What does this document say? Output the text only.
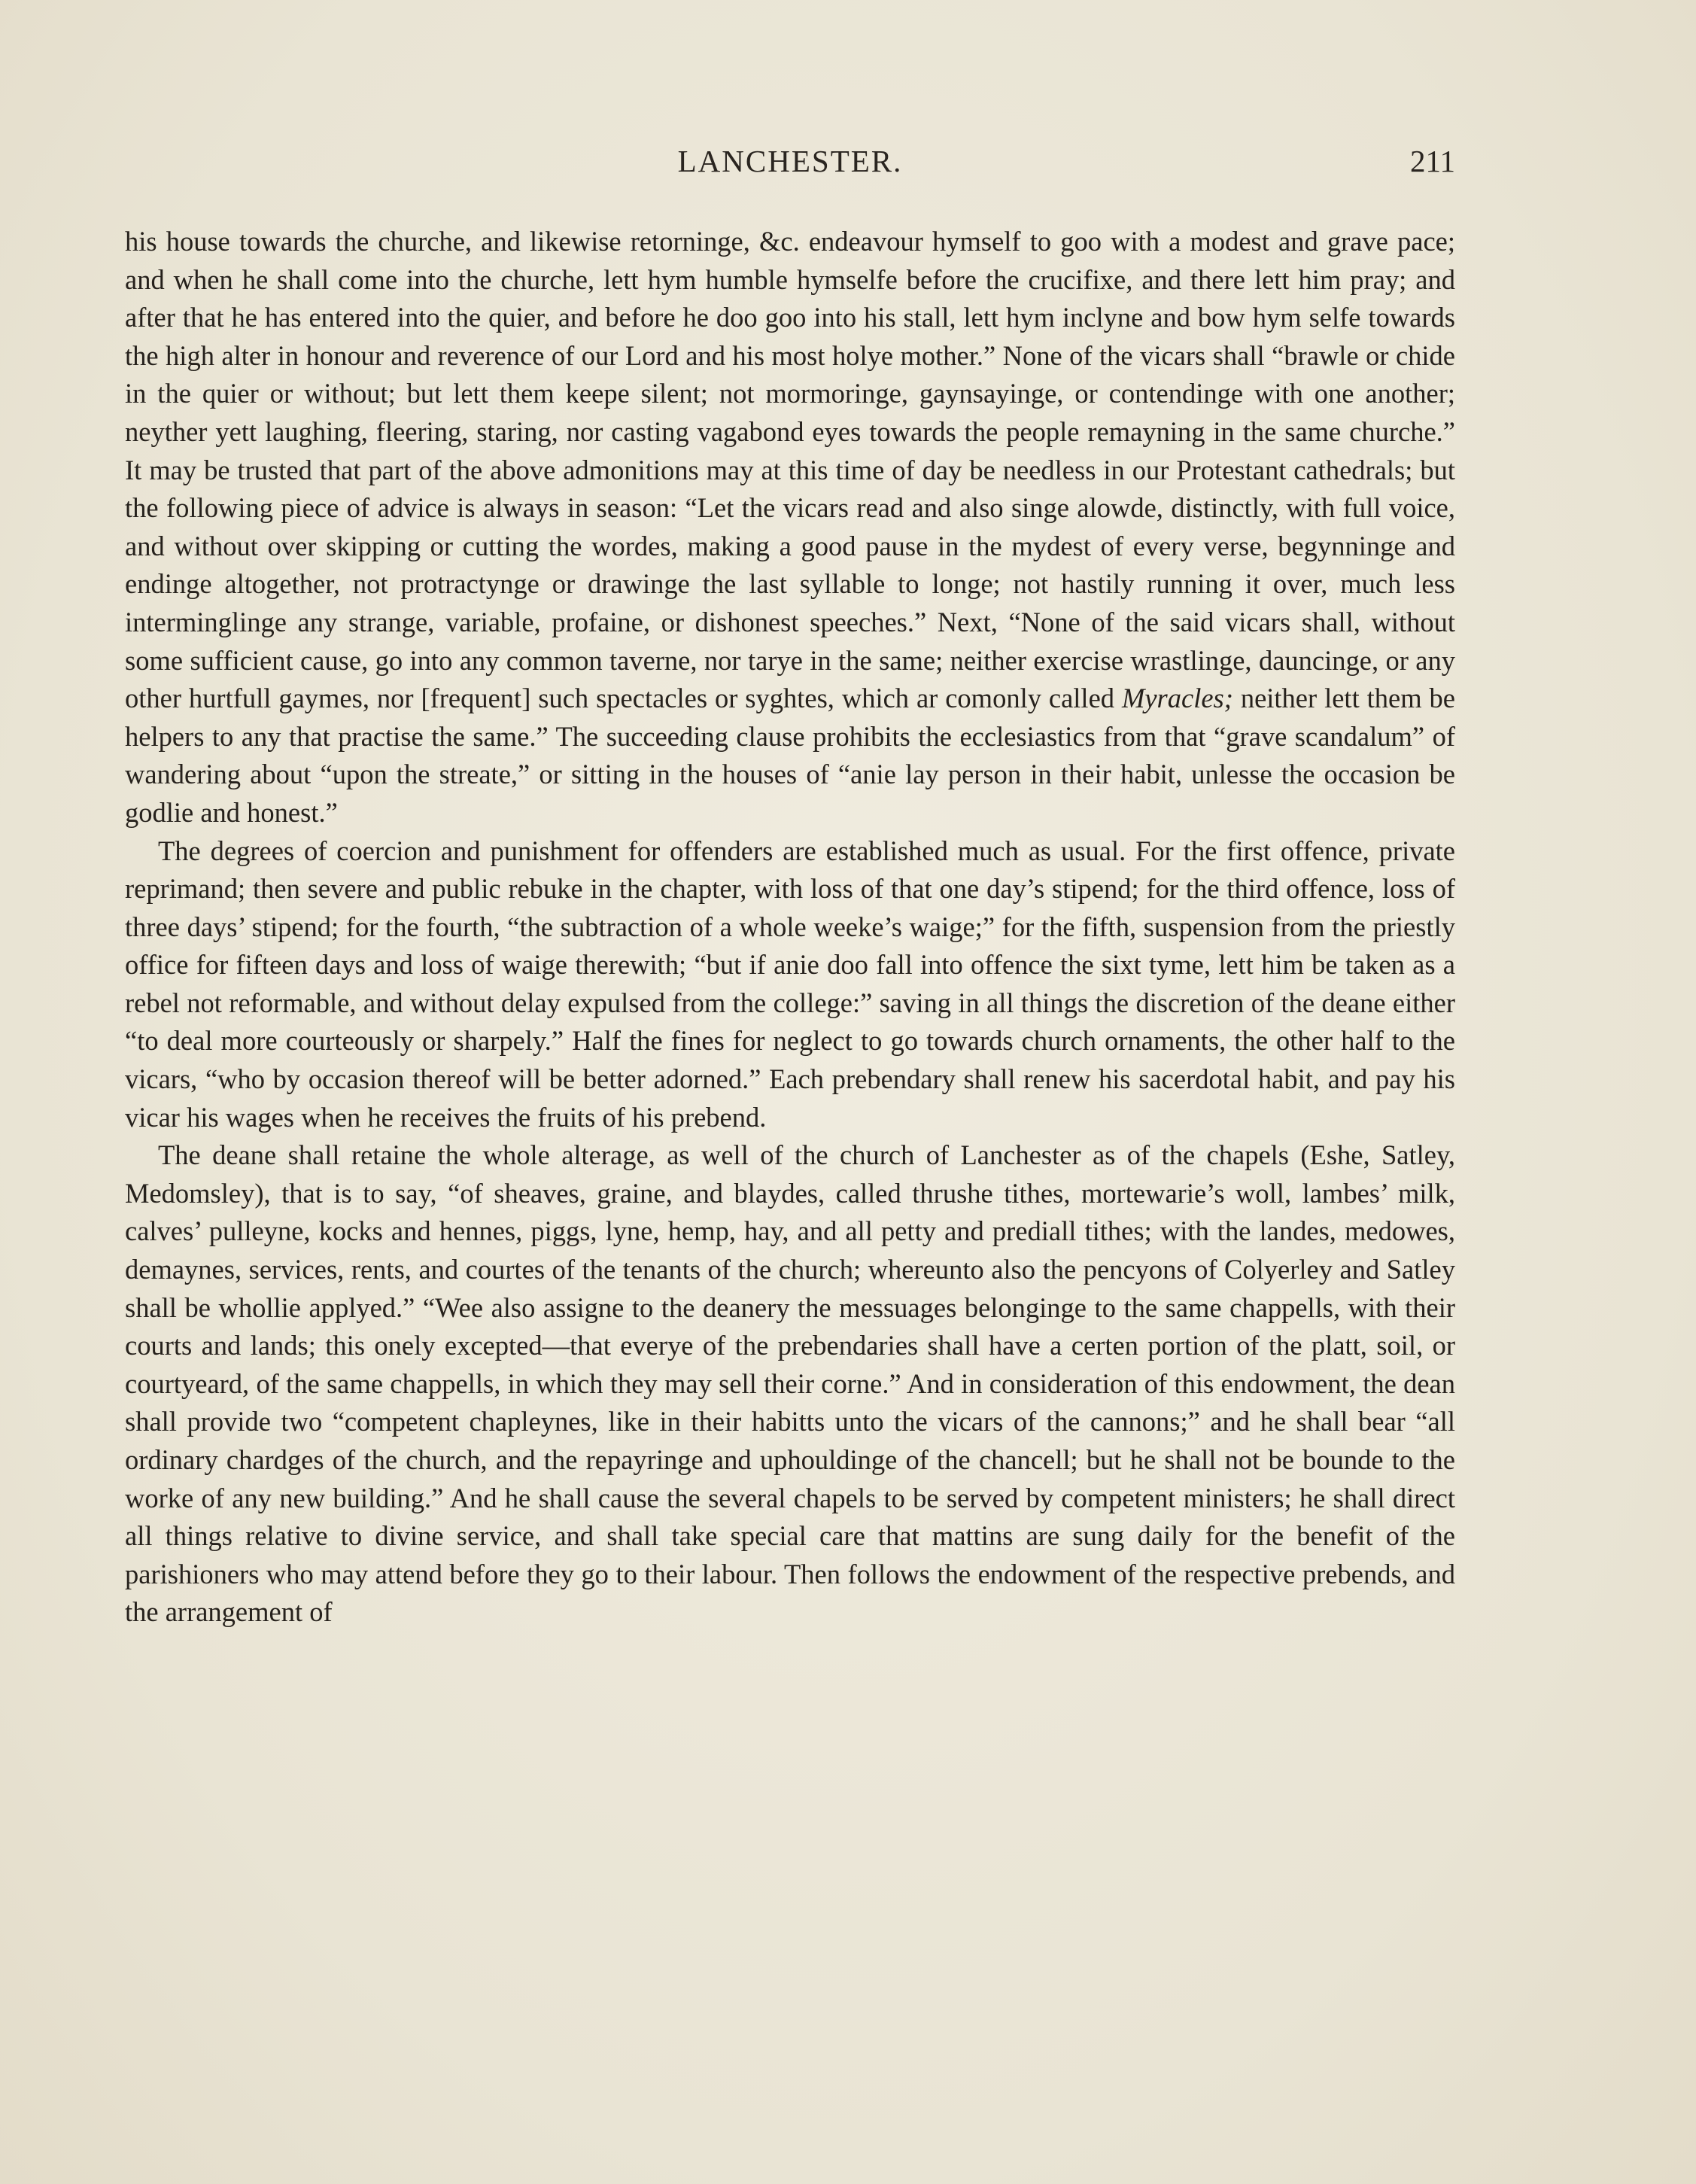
LANCHESTER.	211

his house towards the churche, and likewise retorninge, &c. endeavour hymself to goo with a modest and grave pace; and when he shall come into the churche, lett hym humble hymselfe before the crucifixe, and there lett him pray; and after that he has entered into the quier, and before he doo goo into his stall, lett hym inclyne and bow hym selfe towards the high alter in honour and reverence of our Lord and his most holye mother.” None of the vicars shall “brawle or chide in the quier or without; but lett them keepe silent; not mormoringe, gaynsayinge, or contendinge with one another; neyther yett laughing, fleering, staring, nor casting vagabond eyes towards the people remayning in the same churche.” It may be trusted that part of the above admonitions may at this time of day be needless in our Protestant cathedrals; but the following piece of advice is always in season: “Let the vicars read and also singe alowde, distinctly, with full voice, and without over skipping or cutting the wordes, making a good pause in the mydest of every verse, begynninge and endinge altogether, not protractynge or drawinge the last syllable to longe; not hastily running it over, much less interminglinge any strange, variable, profaine, or dishonest speeches.” Next, “None of the said vicars shall, without some sufficient cause, go into any common taverne, nor tarye in the same; neither exercise wrastlinge, dauncinge, or any other hurtfull gaymes, nor [frequent] such spectacles or syghtes, which ar comonly called Myracles; neither lett them be helpers to any that practise the same.” The succeeding clause prohibits the ecclesiastics from that “grave scandalum” of wandering about “upon the streate,” or sitting in the houses of “anie lay person in their habit, unlesse the occasion be godlie and honest.”

The degrees of coercion and punishment for offenders are established much as usual. For the first offence, private reprimand; then severe and public rebuke in the chapter, with loss of that one day’s stipend; for the third offence, loss of three days’ stipend; for the fourth, “the subtraction of a whole weeke’s waige;” for the fifth, suspension from the priestly office for fifteen days and loss of waige therewith; “but if anie doo fall into offence the sixt tyme, lett him be taken as a rebel not reformable, and without delay expulsed from the college:” saving in all things the discretion of the deane either “to deal more courteously or sharpely.” Half the fines for neglect to go towards church ornaments, the other half to the vicars, “who by occasion thereof will be better adorned.” Each prebendary shall renew his sacerdotal habit, and pay his vicar his wages when he receives the fruits of his prebend.

The deane shall retaine the whole alterage, as well of the church of Lanchester as of the chapels (Eshe, Satley, Medomsley), that is to say, “of sheaves, graine, and blaydes, called thrushe tithes, mortewarie’s woll, lambes’ milk, calves’ pulleyne, kocks and hennes, piggs, lyne, hemp, hay, and all petty and prediall tithes; with the landes, medowes, demaynes, services, rents, and courtes of the tenants of the church; whereunto also the pencyons of Colyerley and Satley shall be whollie applyed.” “Wee also assigne to the deanery the messuages belonginge to the same chappells, with their courts and lands; this onely excepted—that everye of the prebendaries shall have a certen portion of the platt, soil, or courtyeard, of the same chappells, in which they may sell their corne.” And in consideration of this endowment, the dean shall provide two “competent chapleynes, like in their habitts unto the vicars of the cannons;” and he shall bear “all ordinary chardges of the church, and the repayringe and uphouldinge of the chancell; but he shall not be bounde to the worke of any new building.” And he shall cause the several chapels to be served by competent ministers; he shall direct all things relative to divine service, and shall take special care that mattins are sung daily for the benefit of the parishioners who may attend before they go to their labour. Then follows the endowment of the respective prebends, and the arrangement of
